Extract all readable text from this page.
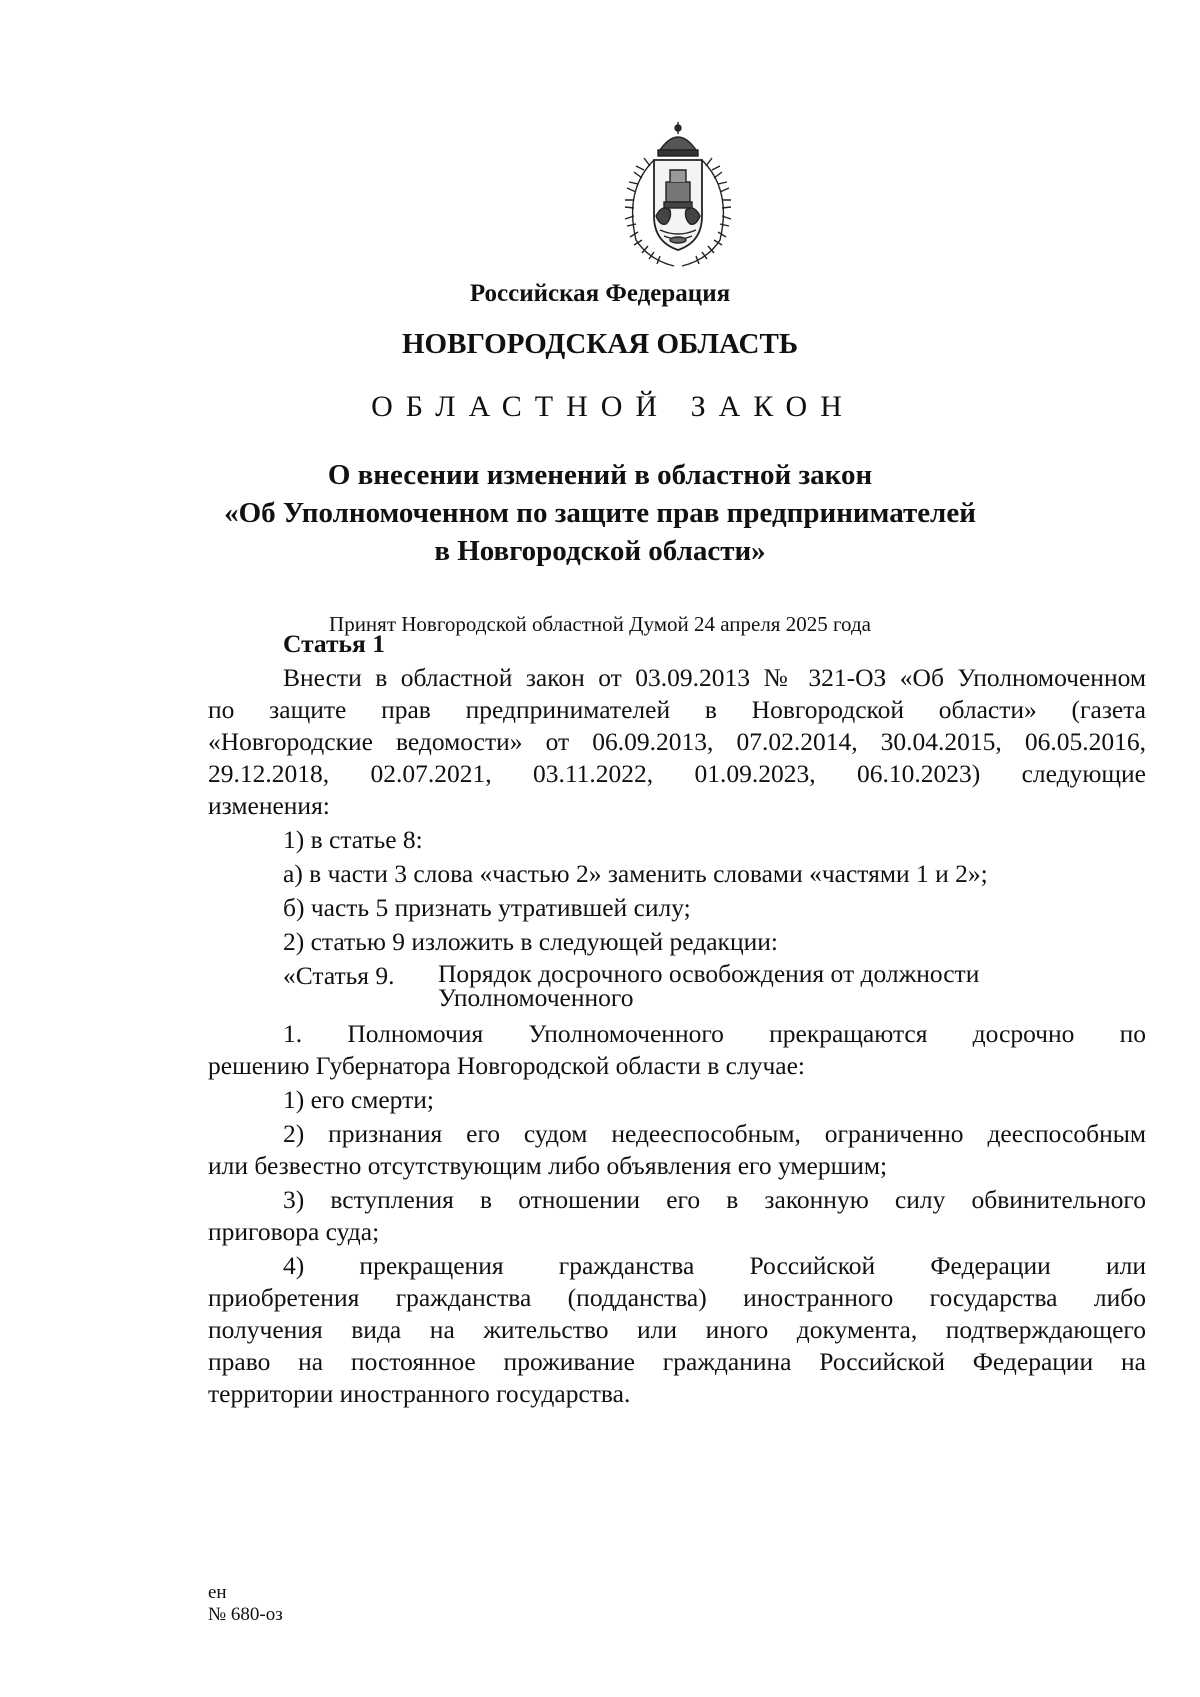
Российская Федерация
НОВГОРОДСКАЯ ОБЛАСТЬ
ОБЛАСТНОЙ ЗАКОН
О внесении изменений в областной закон
«Об Уполномоченном по защите прав предпринимателей
в Новгородской области»
Принят Новгородской областной Думой 24 апреля 2025 года
Статья 1
Внести в областной закон от 03.09.2013 № 321-ОЗ «Об Уполномоченном
по защите прав предпринимателей в Новгородской области» (газета
«Новгородские ведомости» от 06.09.2013, 07.02.2014, 30.04.2015, 06.05.2016,
29.12.2018, 02.07.2021, 03.11.2022, 01.09.2023, 06.10.2023) следующие
изменения:
1) в статье 8:
а) в части 3 слова «частью 2» заменить словами «частями 1 и 2»;
б) часть 5 признать утратившей силу;
2) статью 9 изложить в следующей редакции:
«Статья 9. Порядок досрочного освобождения от должности
Уполномоченного
1. Полномочия Уполномоченного прекращаются досрочно по
решению Губернатора Новгородской области в случае:
1) его смерти;
2) признания его судом недееспособным, ограниченно дееспособным
или безвестно отсутствующим либо объявления его умершим;
3) вступления в отношении его в законную силу обвинительного
приговора суда;
4) прекращения гражданства Российской Федерации или
приобретения гражданства (подданства) иностранного государства либо
получения вида на жительство или иного документа, подтверждающего
право на постоянное проживание гражданина Российской Федерации на
территории иностранного государства.
ен
№ 680-оз
